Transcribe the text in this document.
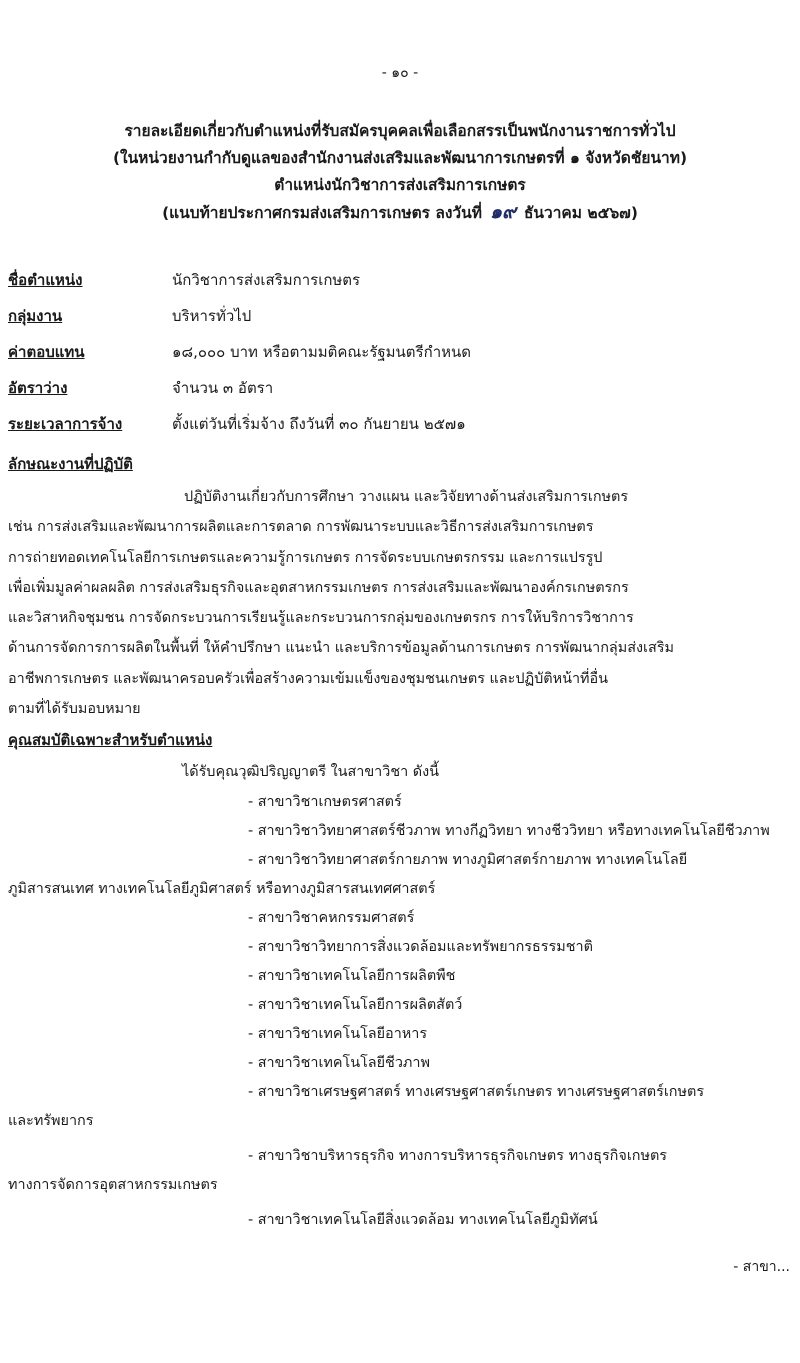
- ๑๐ -
รายละเอียดเกี่ยวกับตำแหน่งที่รับสมัครบุคคลเพื่อเลือกสรรเป็นพนักงานราชการทั่วไป
(ในหน่วยงานกำกับดูแลของสำนักงานส่งเสริมและพัฒนาการเกษตรที่ ๑ จังหวัดชัยนาท)
ตำแหน่งนักวิชาการส่งเสริมการเกษตร
(แนบท้ายประกาศกรมส่งเสริมการเกษตร ลงวันที่ ๑๙ ธันวาคม ๒๕๖๗)
ชื่อตำแหน่ง	นักวิชาการส่งเสริมการเกษตร
กลุ่มงาน	บริหารทั่วไป
ค่าตอบแทน	๑๘,๐๐๐ บาท หรือตามมติคณะรัฐมนตรีกำหนด
อัตราว่าง	จำนวน ๓ อัตรา
ระยะเวลาการจ้าง	ตั้งแต่วันที่เริ่มจ้าง ถึงวันที่ ๓๐ กันยายน ๒๕๗๑
ลักษณะงานที่ปฏิบัติ
ปฏิบัติงานเกี่ยวกับการศึกษา วางแผน และวิจัยทางด้านส่งเสริมการเกษตร
เช่น การส่งเสริมและพัฒนาการผลิตและการตลาด การพัฒนาระบบและวิธีการส่งเสริมการเกษตร
การถ่ายทอดเทคโนโลยีการเกษตรและความรู้การเกษตร การจัดระบบเกษตรกรรม และการแปรรูป
เพื่อเพิ่มมูลค่าผลผลิต การส่งเสริมธุรกิจและอุตสาหกรรมเกษตร การส่งเสริมและพัฒนาองค์กรเกษตรกร
และวิสาหกิจชุมชน การจัดกระบวนการเรียนรู้และกระบวนการกลุ่มของเกษตรกร การให้บริการวิชาการ
ด้านการจัดการการผลิตในพื้นที่ ให้คำปรึกษา แนะนำ และบริการข้อมูลด้านการเกษตร การพัฒนากลุ่มส่งเสริม
อาชีพการเกษตร และพัฒนาครอบครัวเพื่อสร้างความเข้มแข็งของชุมชนเกษตร และปฏิบัติหน้าที่อื่น
ตามที่ได้รับมอบหมาย
คุณสมบัติเฉพาะสำหรับตำแหน่ง
ได้รับคุณวุฒิปริญญาตรี ในสาขาวิชา ดังนี้
- สาขาวิชาเกษตรศาสตร์
- สาขาวิชาวิทยาศาสตร์ชีวภาพ ทางกีฏวิทยา ทางชีววิทยา หรือทางเทคโนโลยีชีวภาพ
- สาขาวิชาวิทยาศาสตร์กายภาพ ทางภูมิศาสตร์กายภาพ ทางเทคโนโลยี
ภูมิสารสนเทศ ทางเทคโนโลยีภูมิศาสตร์ หรือทางภูมิสารสนเทศศาสตร์
- สาขาวิชาคหกรรมศาสตร์
- สาขาวิชาวิทยาการสิ่งแวดล้อมและทรัพยากรธรรมชาติ
- สาขาวิชาเทคโนโลยีการผลิตพืช
- สาขาวิชาเทคโนโลยีการผลิตสัตว์
- สาขาวิชาเทคโนโลยีอาหาร
- สาขาวิชาเทคโนโลยีชีวภาพ
- สาขาวิชาเศรษฐศาสตร์ ทางเศรษฐศาสตร์เกษตร ทางเศรษฐศาสตร์เกษตร
และทรัพยากร
- สาขาวิชาบริหารธุรกิจ ทางการบริหารธุรกิจเกษตร ทางธุรกิจเกษตร
ทางการจัดการอุตสาหกรรมเกษตร
- สาขาวิชาเทคโนโลยีสิ่งแวดล้อม ทางเทคโนโลยีภูมิทัศน์
- สาขา...
